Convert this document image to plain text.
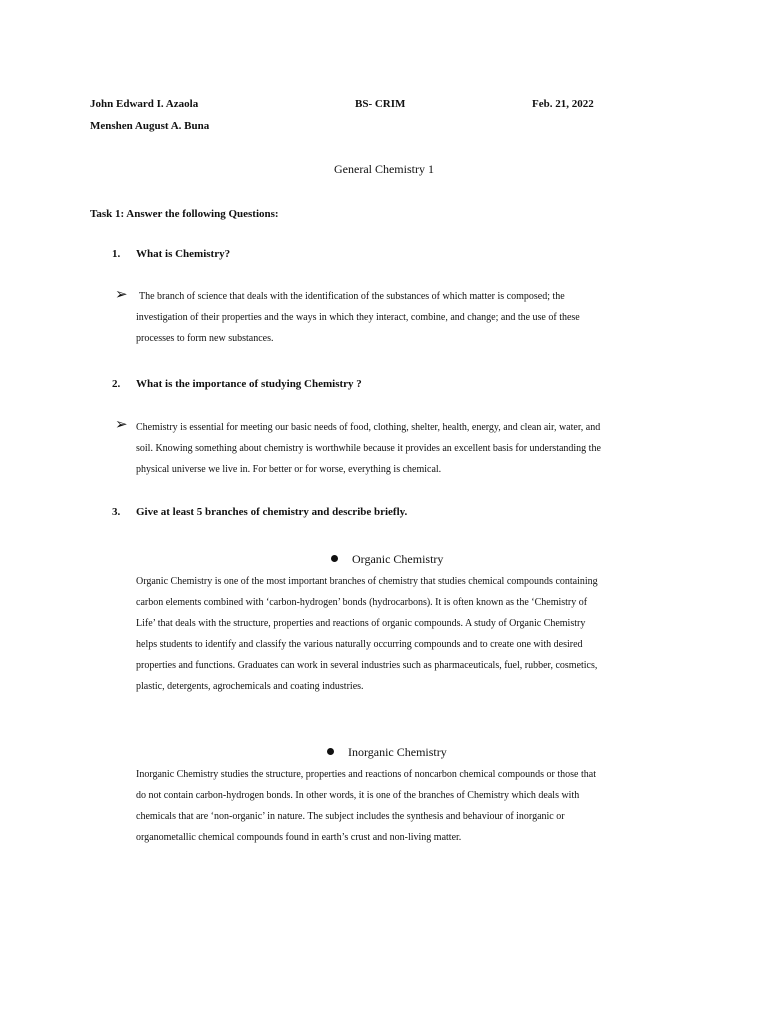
John Edward I. Azaola	BS- CRIM	Feb. 21, 2022
Menshen August A. Buna
General Chemistry 1
Task 1: Answer the following Questions:
1. What is Chemistry?
➢	The branch of science that deals with the identification of the substances of which matter is composed; the
investigation of their properties and the ways in which they interact, combine, and change; and the use of these
processes to form new substances.
2. What is the importance of studying Chemistry ?
➢ Chemistry is essential for meeting our basic needs of food, clothing, shelter, health, energy, and clean air, water, and
soil. Knowing something about chemistry is worthwhile because it provides an excellent basis for understanding the
physical universe we live in. For better or for worse, everything is chemical.
3. Give at least 5 branches of chemistry and describe briefly.
Organic Chemistry
Organic Chemistry is one of the most important branches of chemistry that studies chemical compounds containing
carbon elements combined with ‘carbon-hydrogen’ bonds (hydrocarbons). It is often known as the ‘Chemistry of
Life’ that deals with the structure, properties and reactions of organic compounds. A study of Organic Chemistry
helps students to identify and classify the various naturally occurring compounds and to create one with desired
properties and functions. Graduates can work in several industries such as pharmaceuticals, fuel, rubber, cosmetics,
plastic, detergents, agrochemicals and coating industries.
Inorganic Chemistry
Inorganic Chemistry studies the structure, properties and reactions of noncarbon chemical compounds or those that
do not contain carbon-hydrogen bonds. In other words, it is one of the branches of Chemistry which deals with
chemicals that are ‘non-organic’ in nature. The subject includes the synthesis and behaviour of inorganic or
organometallic chemical compounds found in earth’s crust and non-living matter.
